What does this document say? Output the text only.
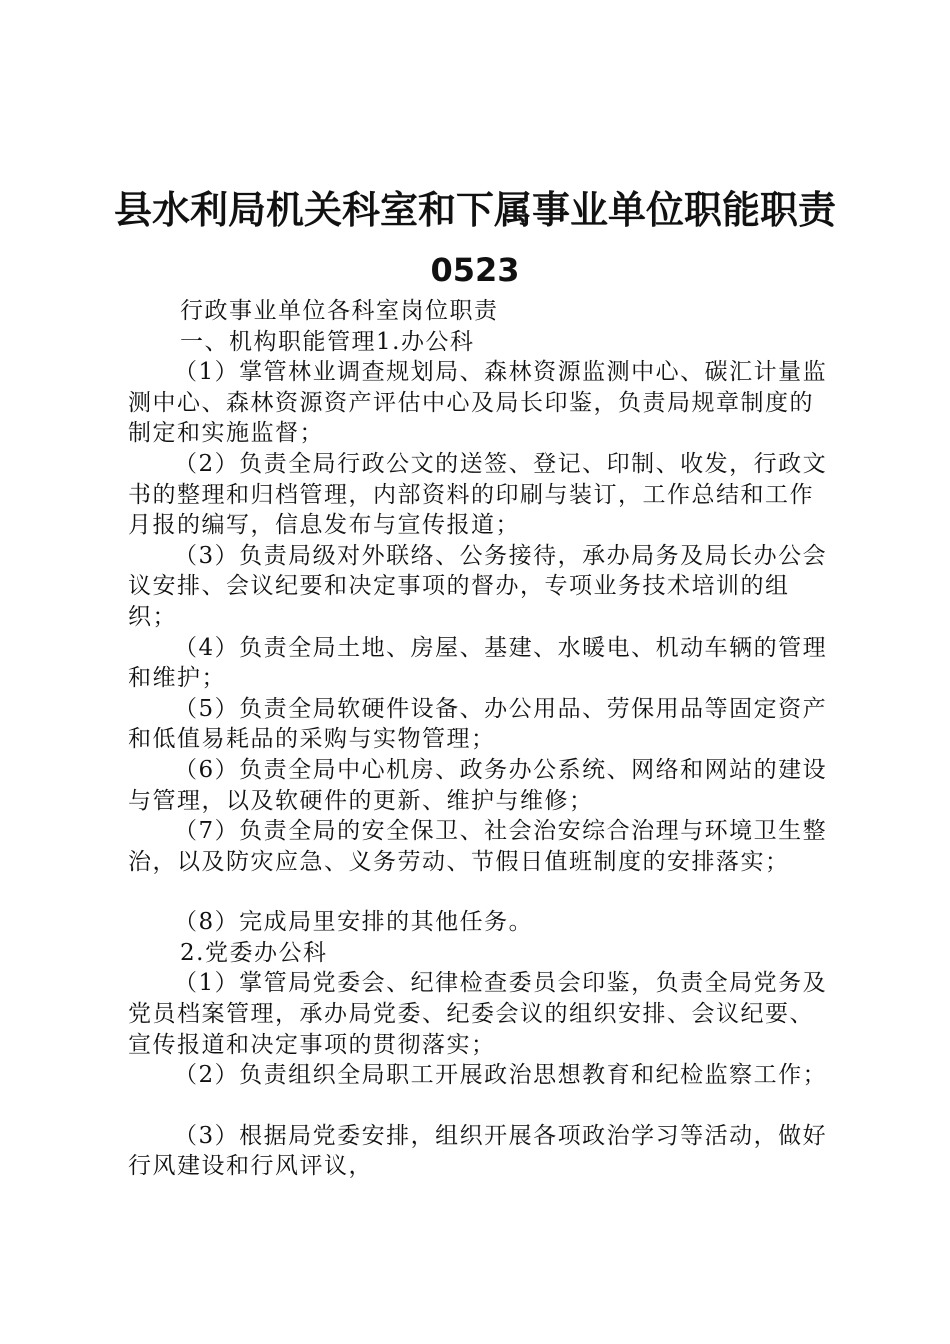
县水利局机关科室和下属事业单位职能职责
0523

行政事业单位各科室岗位职责

一、机构职能管理1.办公科

（1）掌管林业调查规划局、森林资源监测中心、碳汇计量监测中心、森林资源资产评估中心及局长印鉴，负责局规章制度的制定和实施监督；

（2）负责全局行政公文的送签、登记、印制、收发，行政文书的整理和归档管理，内部资料的印刷与装订，工作总结和工作月报的编写，信息发布与宣传报道；

（3）负责局级对外联络、公务接待，承办局务及局长办公会议安排、会议纪要和决定事项的督办，专项业务技术培训的组织；

（4）负责全局土地、房屋、基建、水暖电、机动车辆的管理和维护；

（5）负责全局软硬件设备、办公用品、劳保用品等固定资产和低值易耗品的采购与实物管理；

（6）负责全局中心机房、政务办公系统、网络和网站的建设与管理，以及软硬件的更新、维护与维修；

（7）负责全局的安全保卫、社会治安综合治理与环境卫生整治，以及防灾应急、义务劳动、节假日值班制度的安排落实；

（8）完成局里安排的其他任务。

2.党委办公科

（1）掌管局党委会、纪律检查委员会印鉴，负责全局党务及党员档案管理，承办局党委、纪委会议的组织安排、会议纪要、宣传报道和决定事项的贯彻落实；

（2）负责组织全局职工开展政治思想教育和纪检监察工作；

（3）根据局党委安排，组织开展各项政治学习等活动，做好行风建设和行风评议，
